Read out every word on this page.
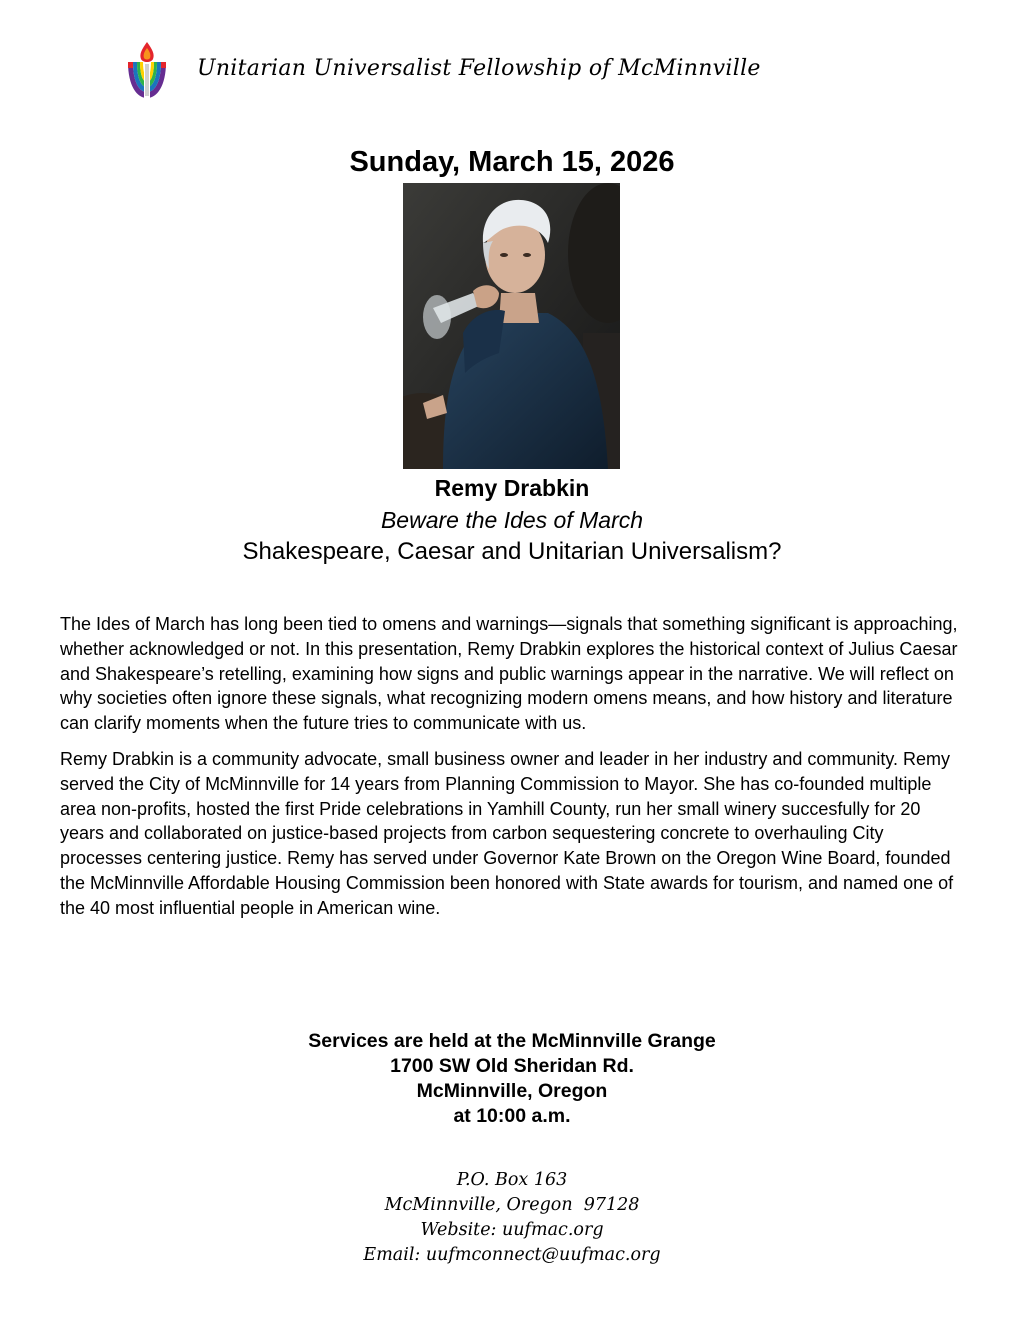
Unitarian Universalist Fellowship of McMinnville
Sunday, March 15, 2026
Remy Drabkin
Beware the Ides of March
Shakespeare, Caesar and Unitarian Universalism?

The Ides of March has long been tied to omens and warnings—signals that something significant is approaching, whether acknowledged or not. In this presentation, Remy Drabkin explores the historical context of Julius Caesar and Shakespeare’s retelling, examining how signs and public warnings appear in the narrative. We will reflect on why societies often ignore these signals, what recognizing modern omens means, and how history and literature can clarify moments when the future tries to communicate with us.

Remy Drabkin is a community advocate, small business owner and leader in her industry and community. Remy served the City of McMinnville for 14 years from Planning Commission to Mayor. She has co-founded multiple area non-profits, hosted the first Pride celebrations in Yamhill County, run her small winery succesfully for 20 years and collaborated on justice-based projects from carbon sequestering concrete to overhauling City processes centering justice. Remy has served under Governor Kate Brown on the Oregon Wine Board, founded the McMinnville Affordable Housing Commission been honored with State awards for tourism, and named one of the 40 most influential people in American wine.

Services are held at the McMinnville Grange
1700 SW Old Sheridan Rd.
McMinnville, Oregon
at 10:00 a.m.
P.O. Box 163
McMinnville, Oregon  97128
Website: uufmac.org
Email: uufmconnect@uufmac.org
